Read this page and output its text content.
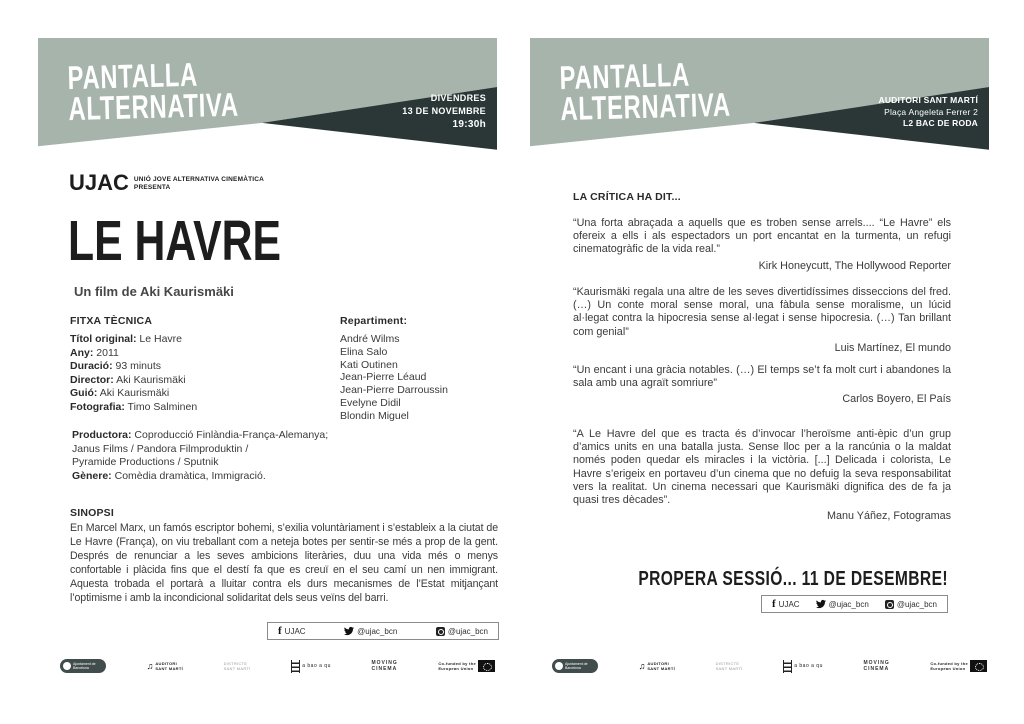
PANTALLA
ALTERNATIVA	DIVENDRES
13 DE NOVEMBRE
19:30h
UJAC UNIÓ JOVE ALTERNATIVA CINEMÀTICA
PRESENTA
LE HAVRE
Un film de Aki Kaurismäki
FITXA TÈCNICA
Títol original: Le Havre
Any: 2011
Duració: 93 minuts
Director: Aki Kaurismäki
Guió: Aki Kaurismäki
Fotografia: Timo Salminen
Repartiment:
André Wilms
Elina Salo
Kati Outinen
Jean-Pierre Léaud
Jean-Pierre Darroussin
Evelyne Didil
Blondin Miguel
Productora: Coproducció Finlàndia-França-Alemanya;
Janus Films / Pandora Filmproduktin /
Pyramide Productions / Sputnik
Gènere: Comèdia dramàtica, Immigració.
SINOPSI
En Marcel Marx, un famós escriptor bohemi, s’exilia voluntàriament i s’estableix a la ciutat de Le Havre (França), on viu treballant com a neteja botes per sentir-se més a prop de la gent. Després de renunciar a les seves ambicions literàries, duu una vida més o menys confortable i plàcida fins que el destí fa que es creuï en el seu camí un nen immigrant. Aquesta trobada el portarà a lluitar contra els durs mecanismes de l’Estat mitjançant l’optimisme i amb la incondicional solidaritat dels seus veïns del barri.
f UJAC	@ujac_bcn	@ujac_bcn
Ajuntament de
Barcelona	♫ AUDITORI
SANT MARTÍ
DISTRICTE
SANT MARTÍ	a bao a qu	MOVING
CINEMA
Co-funded by the
European Union
PANTALLA
ALTERNATIVA	AUDITORI SANT MARTÍ
Plaça Angeleta Ferrer 2
L2 BAC DE RODA
LA CRÍTICA HA DIT...
“Una forta abraçada a aquells que es troben sense arrels.... “Le Havre” els ofereix a ells i als espectadors un port encantat en la turmenta, un refugi cinematogràfic de la vida real.”
Kirk Honeycutt, The Hollywood Reporter
“Kaurismäki regala una altre de les seves divertidíssimes disseccions del fred. (…) Un conte moral sense moral, una fàbula sense moralisme, un lúcid al·legat contra la hipocresia sense al·legat i sense hipocresia. (…) Tan brillant com genial”
Luis Martínez, El mundo
“Un encant i una gràcia notables. (…) El temps se’t fa molt curt i abandones la sala amb una agraït somriure”
Carlos Boyero, El País
“A Le Havre del que es tracta és d’invocar l’heroïsme anti-èpic d’un grup d’amics units en una batalla justa. Sense lloc per a la rancúnia o la maldat només poden quedar els miracles i la victòria. [...] Delicada i colorista, Le Havre s’erigeix en portaveu d’un cinema que no defuig la seva responsabilitat vers la realitat. Un cinema necessari que Kaurismäki dignifica des de fa ja quasi tres dècades”.
Manu Yáñez, Fotogramas
PROPERA SESSIÓ... 11 DE DESEMBRE!
f UJAC	@ujac_bcn	@ujac_bcn
Ajuntament de
Barcelona	♫ AUDITORI
SANT MARTÍ
DISTRICTE
SANT MARTÍ	a bao a qu	MOVING
CINEMA
Co-funded by the
European Union
